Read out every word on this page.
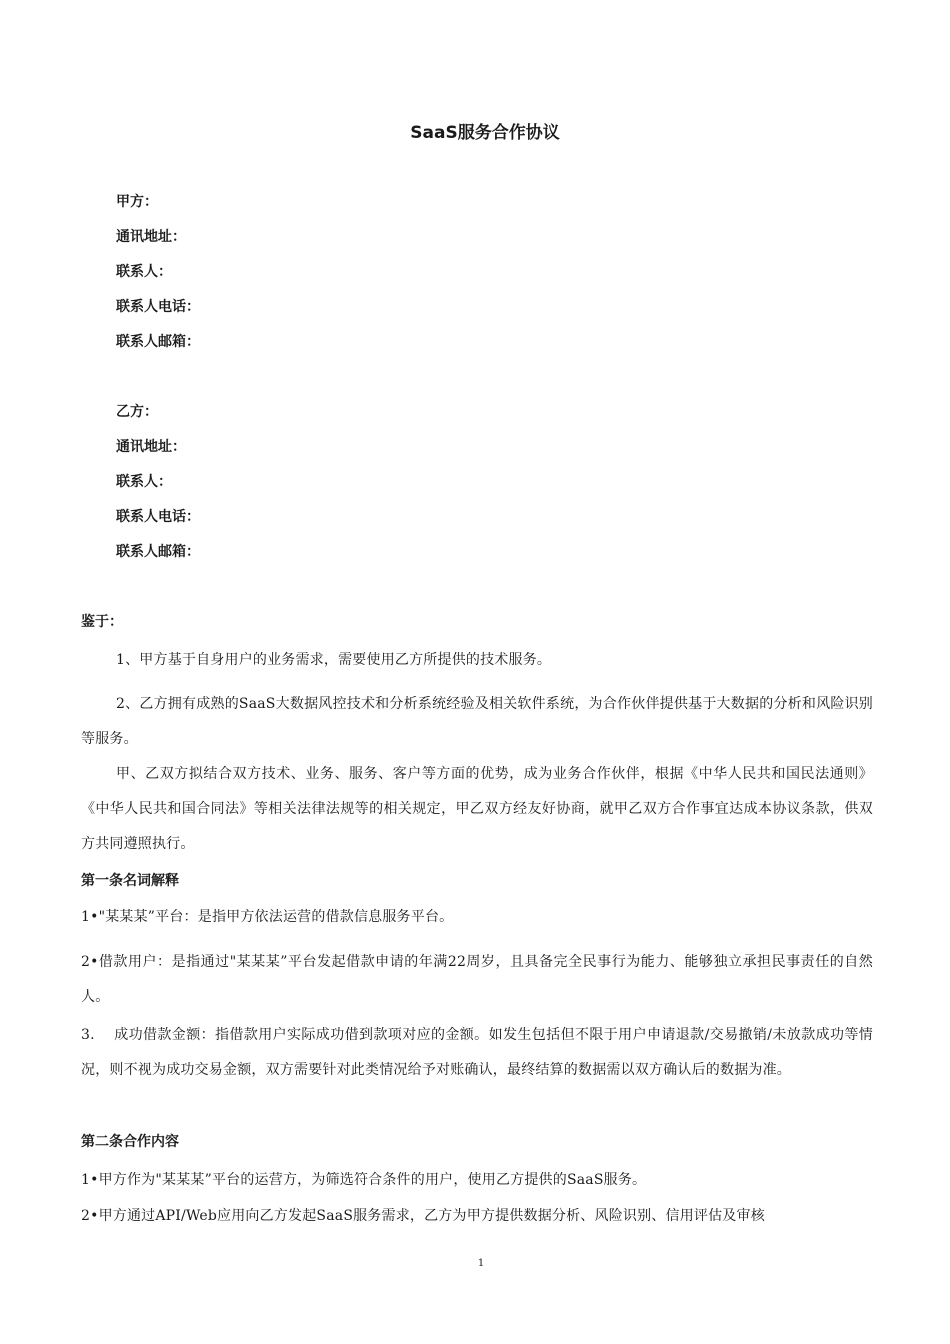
SaaS服务合作协议
甲方：
通讯地址：
联系人：
联系人电话：
联系人邮箱：
乙方：
通讯地址：
联系人：
联系人电话：
联系人邮箱：
鉴于：
1、甲方基于自身用户的业务需求，需要使用乙方所提供的技术服务。
2、乙方拥有成熟的SaaS大数据风控技术和分析系统经验及相关软件系统，为合作伙伴提供基于大数据的分析和风险识别等服务。
甲、乙双方拟结合双方技术、业务、服务、客户等方面的优势，成为业务合作伙伴，根据《中华人民共和国民法通则》《中华人民共和国合同法》等相关法律法规等的相关规定，甲乙双方经友好协商，就甲乙双方合作事宜达成本协议条款，供双方共同遵照执行。
第一条名词解释
1•"某某某”平台：是指甲方依法运营的借款信息服务平台。
2•借款用户：是指通过"某某某”平台发起借款申请的年满22周岁，且具备完全民事行为能力、能够独立承担民事责任的自然人。
3.　 成功借款金额：指借款用户实际成功借到款项对应的金额。如发生包括但不限于用户申请退款/交易撤销/未放款成功等情况，则不视为成功交易金额，双方需要针对此类情况给予对账确认，最终结算的数据需以双方确认后的数据为准。
第二条合作内容
1•甲方作为"某某某”平台的运营方，为筛选符合条件的用户，使用乙方提供的SaaS服务。
2•甲方通过API/Web应用向乙方发起SaaS服务需求，乙方为甲方提供数据分析、风险识别、信用评估及审核
1
